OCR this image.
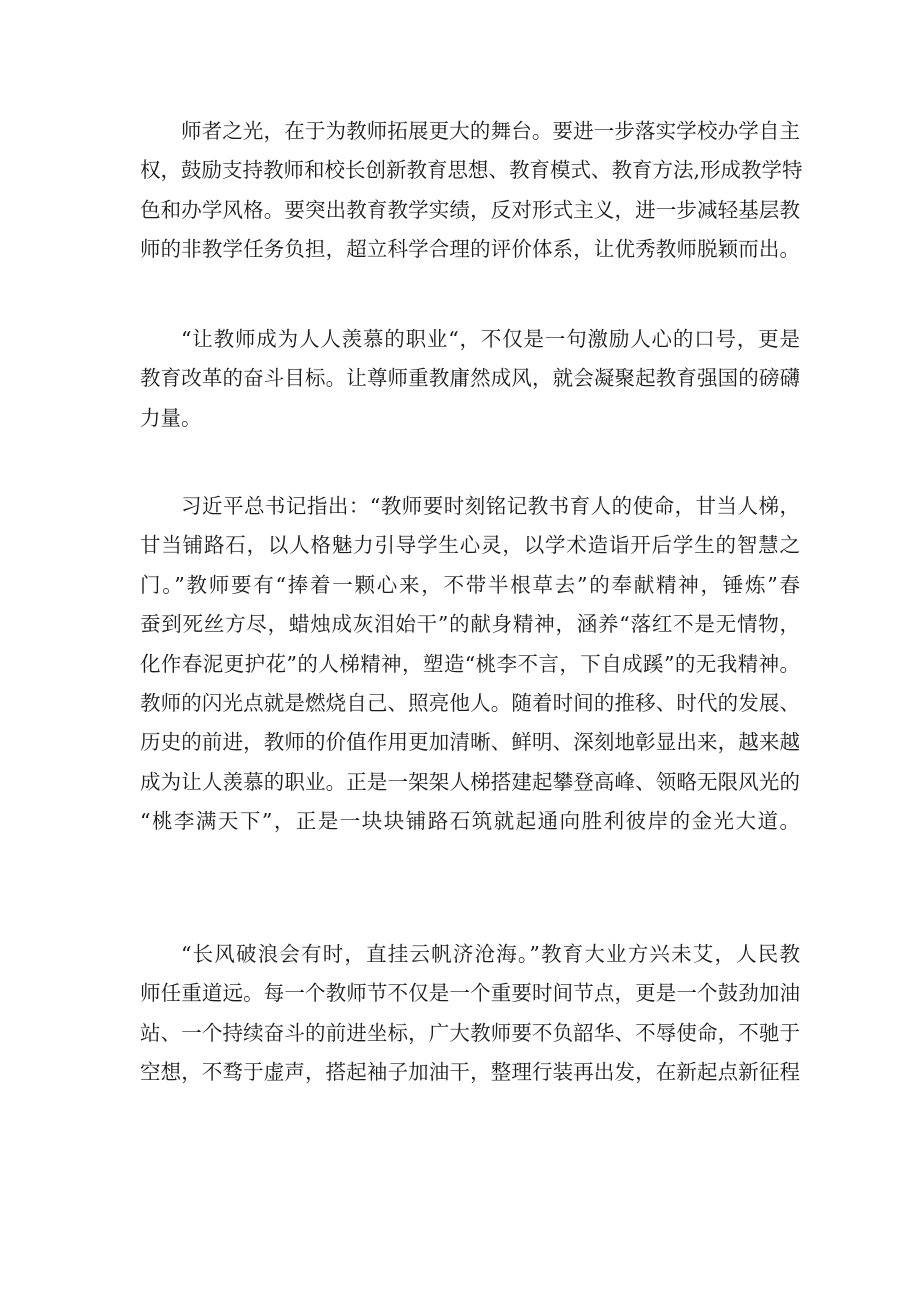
师者之光，在于为教师拓展更大的舞台。要进一步落实学校办学自主
权，鼓励支持教师和校长创新教育思想、教育模式、教育方法,形成教学特
色和办学风格。要突出教育教学实绩，反对形式主义，进一步减轻基层教
师的非教学任务负担，超立科学合理的评价体系，让优秀教师脱颖而出。
“让教师成为人人羡慕的职业“，不仅是一句激励人心的口号，更是
教育改革的奋斗目标。让尊师重教庸然成风，就会凝聚起教育强国的磅礴
力量。
习近平总书记指出：“教师要时刻铭记教书育人的使命，甘当人梯，
甘当铺路石，以人格魅力引导学生心灵，以学术造诣开后学生的智慧之
门。”教师要有“捧着一颗心来，不带半根草去”的奉献精神，锤炼”春
蚕到死丝方尽，蜡烛成灰泪始干”的献身精神，涵养“落红不是无情物，
化作春泥更护花”的人梯精神，塑造“桃李不言，下自成蹊”的无我精神。
教师的闪光点就是燃烧自己、照亮他人。随着时间的推移、时代的发展、
历史的前进，教师的价值作用更加清晰、鲜明、深刻地彰显出来，越来越
成为让人羡慕的职业。正是一架架人梯搭建起攀登高峰、领略无限风光的
“桃李满天下”，正是一块块铺路石筑就起通向胜利彼岸的金光大道。
“长风破浪会有时，直挂云帆济沧海。”教育大业方兴未艾，人民教
师任重道远。每一个教师节不仅是一个重要时间节点，更是一个鼓劲加油
站、一个持续奋斗的前进坐标，广大教师要不负韶华、不辱使命，不驰于
空想，不骛于虚声，搭起袖子加油干，整理行装再出发，在新起点新征程
